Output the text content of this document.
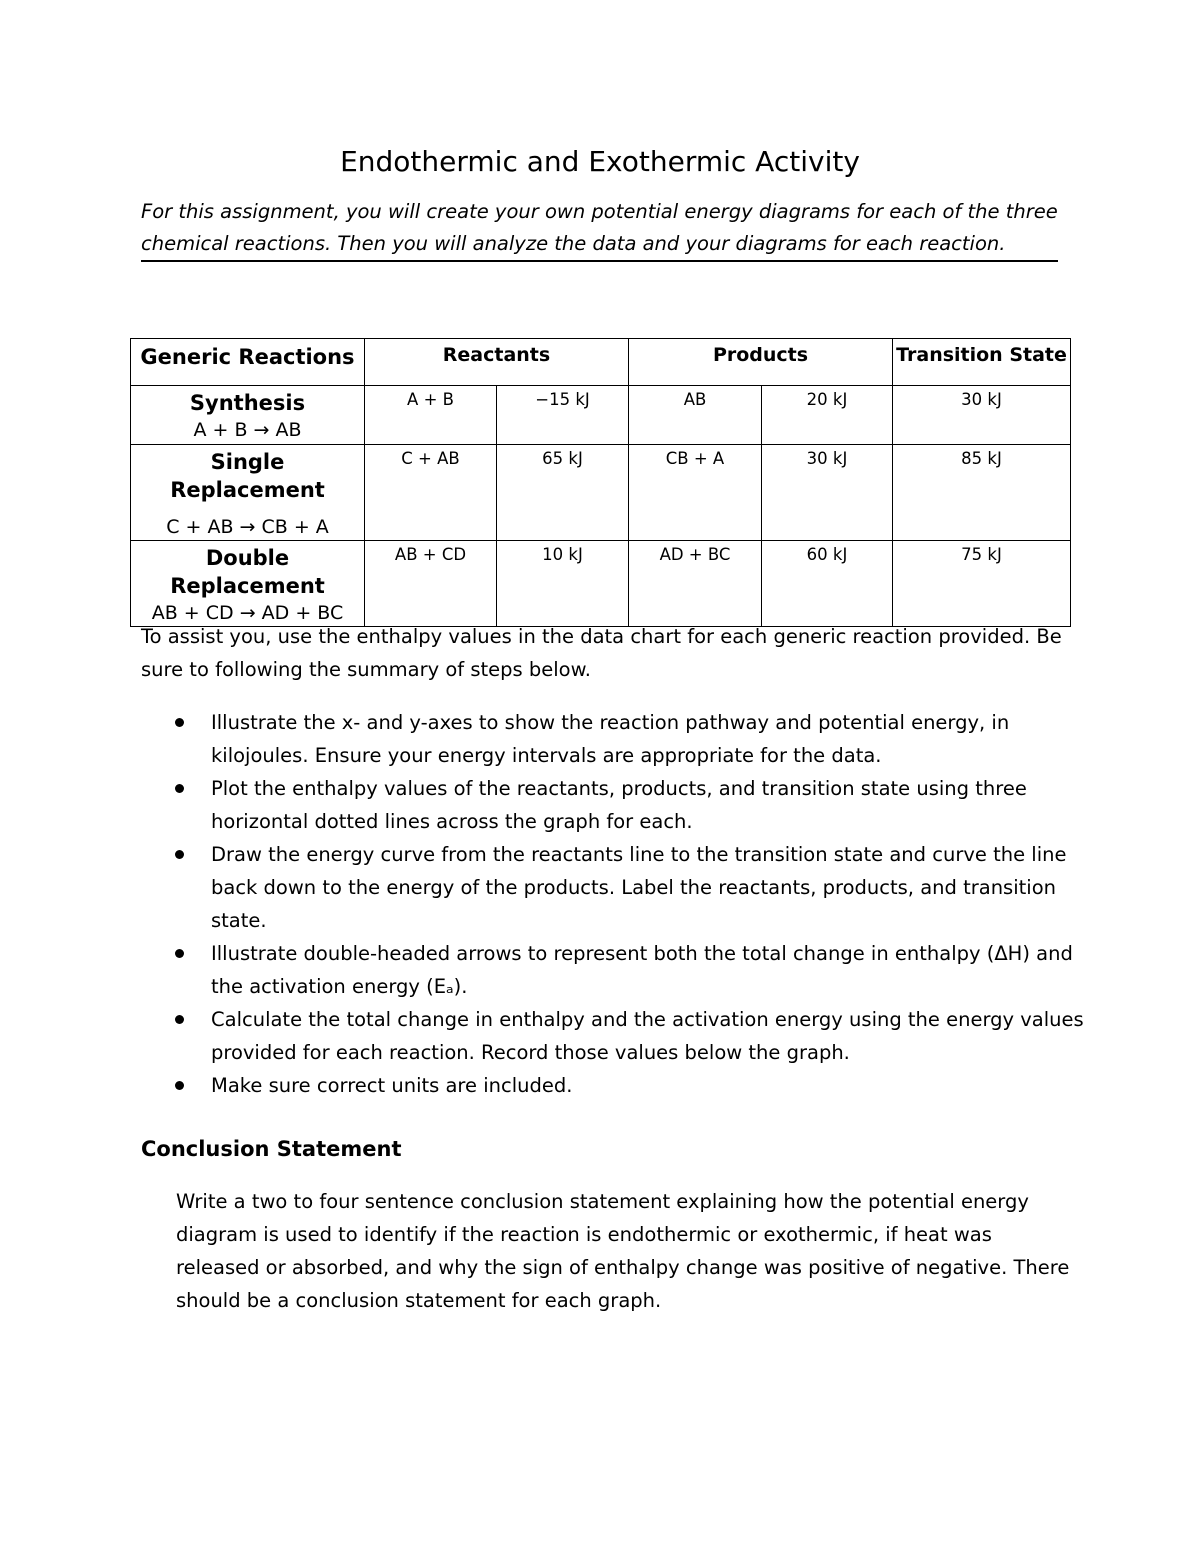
Endothermic and Exothermic Activity

For this assignment, you will create your own potential energy diagrams for each of the three
chemical reactions. Then you will analyze the data and your diagrams for each reaction.

Generic Reactions	Reactants		Products		Transition State

Synthesis
A + B → AB	A + B	−15 kJ	AB	20 kJ	30 kJ

Single Replacement
C + AB → CB + A	C + AB	65 kJ	CB + A	30 kJ	85 kJ

Double Replacement
AB + CD → AD + BC	AB + CD	10 kJ	AD + BC	60 kJ	75 kJ

To assist you, use the enthalpy values in the data chart for each generic reaction provided. Be
sure to following the summary of steps below.

Illustrate the x- and y-axes to show the reaction pathway and potential energy, in
kilojoules. Ensure your energy intervals are appropriate for the data.
Plot the enthalpy values of the reactants, products, and transition state using three
horizontal dotted lines across the graph for each.
Draw the energy curve from the reactants line to the transition state and curve the line
back down to the energy of the products. Label the reactants, products, and transition
state.
Illustrate double-headed arrows to represent both the total change in enthalpy (ΔH) and
the activation energy (Eₐ).
Calculate the total change in enthalpy and the activation energy using the energy values
provided for each reaction. Record those values below the graph.
Make sure correct units are included.
Conclusion Statement

Write a two to four sentence conclusion statement explaining how the potential energy
diagram is used to identify if the reaction is endothermic or exothermic, if heat was
released or absorbed, and why the sign of enthalpy change was positive of negative. There
should be a conclusion statement for each graph.
